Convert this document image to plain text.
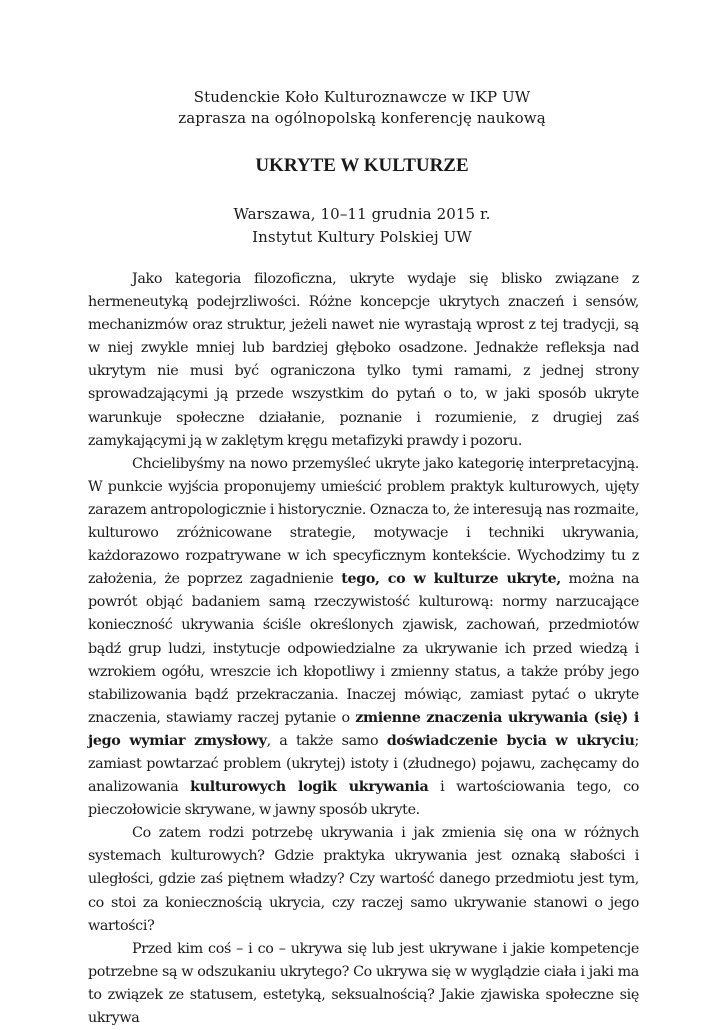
Studenckie Koło Kulturoznawcze w IKP UW
zaprasza na ogólnopolską konferencję naukową
UKRYTE W KULTURZE
Warszawa, 10–11 grudnia 2015 r.
Instytut Kultury Polskiej UW

Jako kategoria filozoficzna, ukryte wydaje się blisko związane z hermeneutyką podejrzliwości. Różne koncepcje ukrytych znaczeń i sensów, mechanizmów oraz struktur, jeżeli nawet nie wyrastają wprost z tej tradycji, są w niej zwykle mniej lub bardziej głęboko osadzone. Jednakże refleksja nad ukrytym nie musi być ograniczona tylko tymi ramami, z jednej strony sprowadzającymi ją przede wszystkim do pytań o to, w jaki sposób ukryte warunkuje społeczne działanie, poznanie i rozumienie, z drugiej zaś zamykającymi ją w zaklętym kręgu metafizyki prawdy i pozoru.

Chcielibyśmy na nowo przemyśleć ukryte jako kategorię interpretacyjną. W punkcie wyjścia proponujemy umieścić problem praktyk kulturowych, ujęty zarazem antropologicznie i historycznie. Oznacza to, że interesują nas rozmaite, kulturowo zróżnicowane strategie, motywacje i techniki ukrywania, każdorazowo rozpatrywane w ich specyficznym kontekście. Wychodzimy tu z założenia, że poprzez zagadnienie tego, co w kulturze ukryte, można na powrót objąć badaniem samą rzeczywistość kulturową: normy narzucające konieczność ukrywania ściśle określonych zjawisk, zachowań, przedmiotów bądź grup ludzi, instytucje odpowiedzialne za ukrywanie ich przed wiedzą i wzrokiem ogółu, wreszcie ich kłopotliwy i zmienny status, a także próby jego stabilizowania bądź przekraczania. Inaczej mówiąc, zamiast pytać o ukryte znaczenia, stawiamy raczej pytanie o zmienne znaczenia ukrywania (się) i jego wymiar zmysłowy, a także samo doświadczenie bycia w ukryciu; zamiast powtarzać problem (ukrytej) istoty i (złudnego) pojawu, zachęcamy do analizowania kulturowych logik ukrywania i wartościowania tego, co pieczołowicie skrywane, w jawny sposób ukryte.

Co zatem rodzi potrzebę ukrywania i jak zmienia się ona w różnych systemach kulturowych? Gdzie praktyka ukrywania jest oznaką słabości i uległości, gdzie zaś piętnem władzy? Czy wartość danego przedmiotu jest tym, co stoi za koniecznością ukrycia, czy raczej samo ukrywanie stanowi o jego wartości?

Przed kim coś – i co – ukrywa się lub jest ukrywane i jakie kompetencje potrzebne są w odszukaniu ukrytego? Co ukrywa się w wyglądzie ciała i jaki ma to związek ze statusem, estetyką, seksualnością? Jakie zjawiska społeczne się ukrywa
